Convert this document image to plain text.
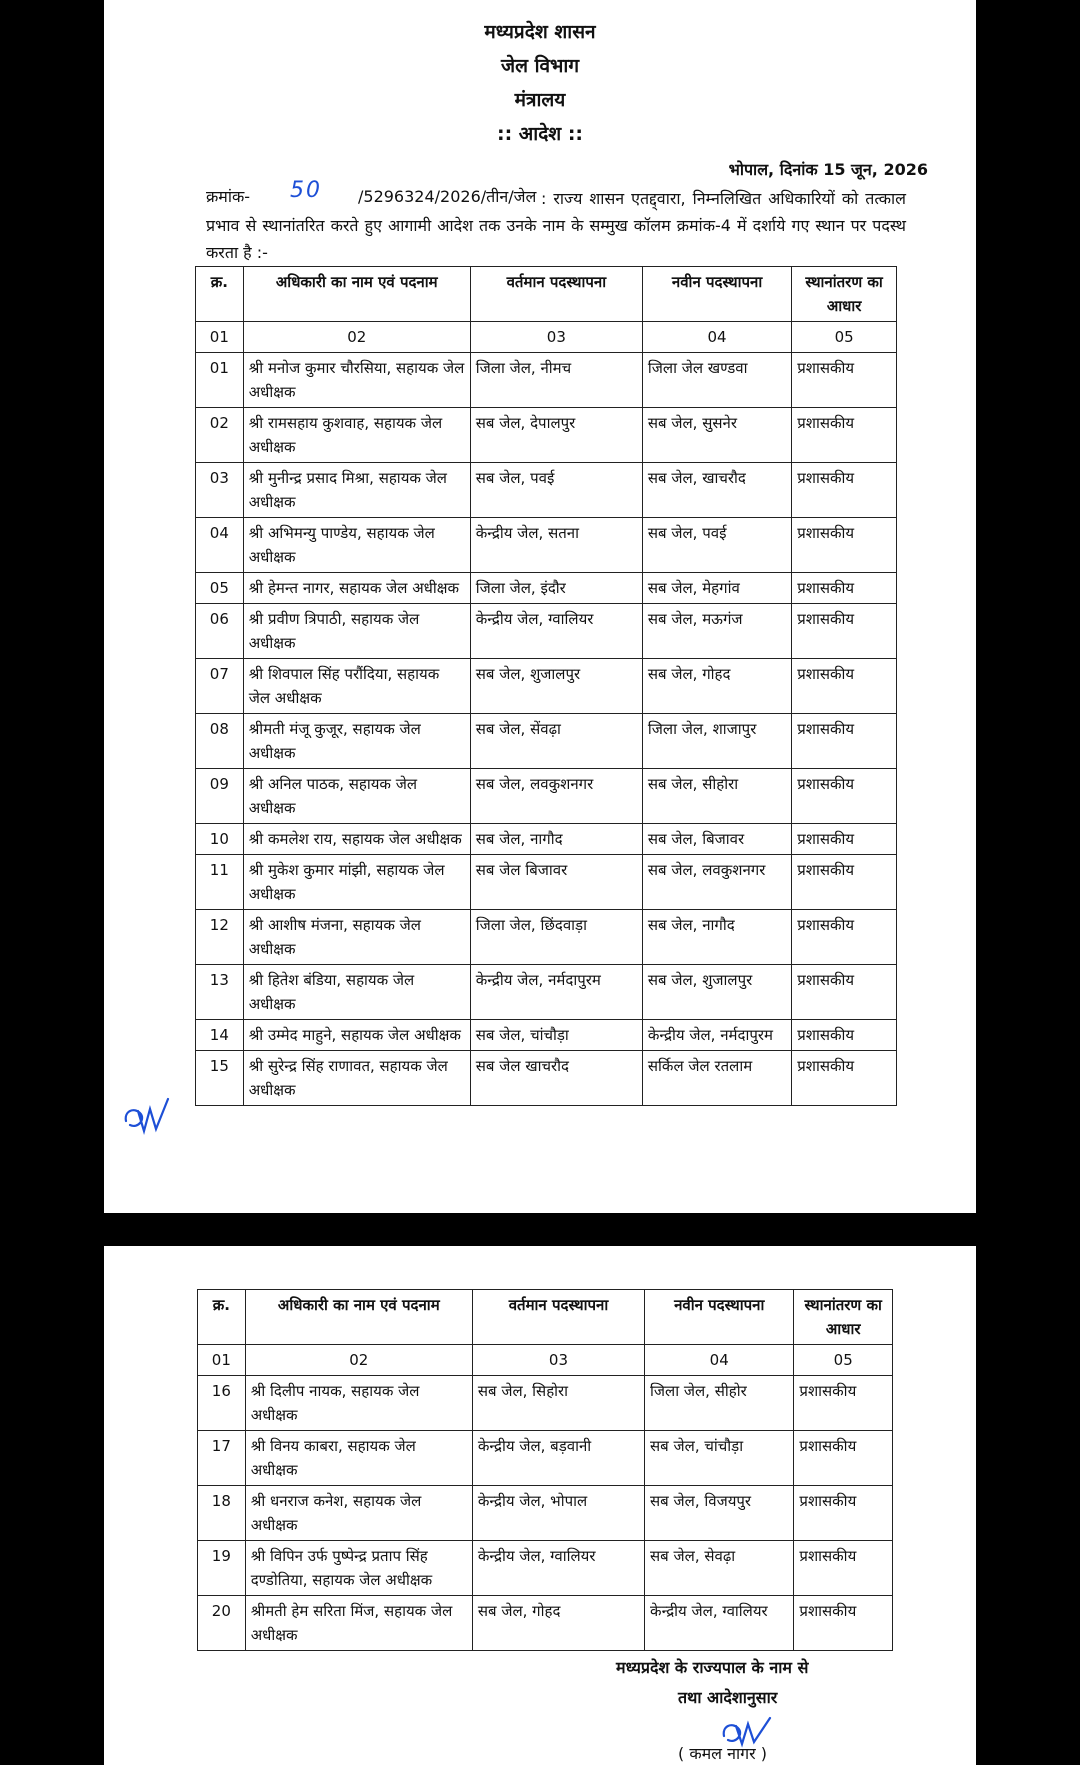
मध्यप्रदेश शासन
जेल विभाग
मंत्रालय
:: आदेश ::
भोपाल, दिनांक 15 जून, 2026
क्रमांक- 50 /5296324/2026/तीन/जेल : राज्य शासन एतद्द्वारा, निम्नलिखित अधिकारियों को तत्काल प्रभाव से स्थानांतरित करते हुए आगामी आदेश तक उनके नाम के सम्मुख कॉलम क्रमांक-4 में दर्शाये गए स्थान पर पदस्थ करता है :-
क्र.	अधिकारी का नाम एवं पदनाम	वर्तमान पदस्थापना	नवीन पदस्थापना	स्थानांतरण का आधार
01	02	03	04	05
01	श्री मनोज कुमार चौरसिया, सहायक जेल अधीक्षक	जिला जेल, नीमच	जिला जेल खण्डवा	प्रशासकीय
02	श्री रामसहाय कुशवाह, सहायक जेल अधीक्षक	सब जेल, देपालपुर	सब जेल, सुसनेर	प्रशासकीय
03	श्री मुनीन्द्र प्रसाद मिश्रा, सहायक जेल अधीक्षक	सब जेल, पवई	सब जेल, खाचरौद	प्रशासकीय
04	श्री अभिमन्यु पाण्डेय, सहायक जेल अधीक्षक	केन्द्रीय जेल, सतना	सब जेल, पवई	प्रशासकीय
05	श्री हेमन्त नागर, सहायक जेल अधीक्षक	जिला जेल, इंदौर	सब जेल, मेहगांव	प्रशासकीय
06	श्री प्रवीण त्रिपाठी, सहायक जेल अधीक्षक	केन्द्रीय जेल, ग्वालियर	सब जेल, मऊगंज	प्रशासकीय
07	श्री शिवपाल सिंह परौंदिया, सहायक जेल अधीक्षक	सब जेल, शुजालपुर	सब जेल, गोहद	प्रशासकीय
08	श्रीमती मंजू कुजूर, सहायक जेल अधीक्षक	सब जेल, सेंवढ़ा	जिला जेल, शाजापुर	प्रशासकीय
09	श्री अनिल पाठक, सहायक जेल अधीक्षक	सब जेल, लवकुशनगर	सब जेल, सीहोरा	प्रशासकीय
10	श्री कमलेश राय, सहायक जेल अधीक्षक	सब जेल, नागौद	सब जेल, बिजावर	प्रशासकीय
11	श्री मुकेश कुमार मांझी, सहायक जेल अधीक्षक	सब जेल बिजावर	सब जेल, लवकुशनगर	प्रशासकीय
12	श्री आशीष मंजना, सहायक जेल अधीक्षक	जिला जेल, छिंदवाड़ा	सब जेल, नागौद	प्रशासकीय
13	श्री हितेश बंडिया, सहायक जेल अधीक्षक	केन्द्रीय जेल, नर्मदापुरम	सब जेल, शुजालपुर	प्रशासकीय
14	श्री उम्मेद माहुने, सहायक जेल अधीक्षक	सब जेल, चांचौड़ा	केन्द्रीय जेल, नर्मदापुरम	प्रशासकीय
15	श्री सुरेन्द्र सिंह राणावत, सहायक जेल अधीक्षक	सब जेल खाचरौद	सर्किल जेल रतलाम	प्रशासकीय
क्र.	अधिकारी का नाम एवं पदनाम	वर्तमान पदस्थापना	नवीन पदस्थापना	स्थानांतरण का आधार
01	02	03	04	05
16	श्री दिलीप नायक, सहायक जेल अधीक्षक	सब जेल, सिहोरा	जिला जेल, सीहोर	प्रशासकीय
17	श्री विनय काबरा, सहायक जेल अधीक्षक	केन्द्रीय जेल, बड़वानी	सब जेल, चांचौड़ा	प्रशासकीय
18	श्री धनराज कनेश, सहायक जेल अधीक्षक	केन्द्रीय जेल, भोपाल	सब जेल, विजयपुर	प्रशासकीय
19	श्री विपिन उर्फ पुष्पेन्द्र प्रताप सिंह दण्डोतिया, सहायक जेल अधीक्षक	केन्द्रीय जेल, ग्वालियर	सब जेल, सेवढ़ा	प्रशासकीय
20	श्रीमती हेम सरिता मिंज, सहायक जेल अधीक्षक	सब जेल, गोहद	केन्द्रीय जेल, ग्वालियर	प्रशासकीय
मध्यप्रदेश के राज्यपाल के नाम से
तथा आदेशानुसार
( कमल नागर )
